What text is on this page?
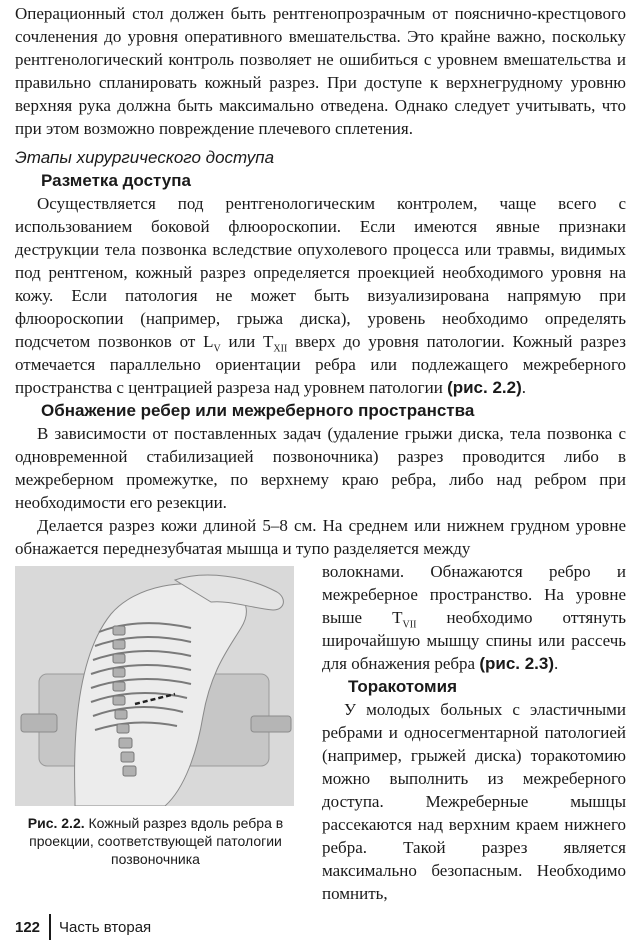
Операционный стол должен быть рентгенопрозрачным от пояснично-крестцового сочленения до уровня оперативного вмешательства. Это крайне важно, поскольку рентгенологический контроль позволяет не ошибиться с уровнем вмешательства и правильно спланировать кожный разрез. При доступе к верхнегрудному уровню верхняя рука должна быть максимально отведена. Однако следует учитывать, что при этом возможно повреждение плечевого сплетения.

Этапы хирургического доступа

Разметка доступа

Осуществляется под рентгенологическим контролем, чаще всего с использованием боковой флюороскопии. Если имеются явные признаки деструкции тела позвонка вследствие опухолевого процесса или травмы, видимых под рентгеном, кожный разрез определяется проекцией необходимого уровня на кожу. Если патология не может быть визуализирована напрямую при флюороскопии (например, грыжа диска), уровень необходимо определять подсчетом позвонков от $L_V$ или $T_{XII}$ вверх до уровня патологии. Кожный разрез отмечается параллельно ориентации ребра или подлежащего межреберного пространства с центрацией разреза над уровнем патологии (рис. 2.2).

Обнажение ребер или межреберного пространства

В зависимости от поставленных задач (удаление грыжи диска, тела позвонка с одновременной стабилизацией позвоночника) разрез проводится либо в межреберном промежутке, по верхнему краю ребра, либо над ребром при необходимости его резекции.

Делается разрез кожи длиной 5–8 см. На среднем или нижнем грудном уровне обнажается переднезубчатая мышца и тупо разделяется между

Рис. 2.2. Кожный разрез вдоль ребра в проекции, соответствующей патологии позвоночника

волокнами. Обнажаются ребро и межреберное пространство. На уровне выше $T_{VII}$ необходимо оттянуть широчайшую мышцу спины или рассечь для обнажения ребра (рис. 2.3).

Торакотомия

У молодых больных с эластичными ребрами и односегментарной патологией (например, грыжей диска) торакотомию можно выполнить из межреберного доступа. Межреберные мышцы рассекаются над верхним краем нижнего ребра. Такой разрез является максимально безопасным. Необходимо помнить,

122	Часть вторая
